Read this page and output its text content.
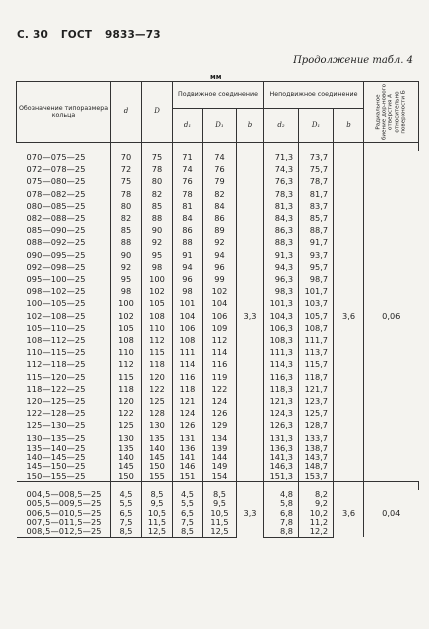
С. 30 ГОСТ 9833—73
Продолжение табл. 4
мм
Обозначение типоразмера кольца	d	D	Подвижное соединение			Неподвижное соединение			Радиальное биение дор-нового отверстия А относительно поверхности Б

			d₁	D₁	b	d₂	D₁	b	

070—075—25	70	75	71	74	3,3	71,3	73,7	3,6	0,06
072—078—25	72	78	74	76		74,3	75,7		
075—080—25	75	80	76	79		76,3	78,7		
078—082—25	78	82	78	82		78,3	81,7		
080—085—25	80	85	81	84		81,3	83,7		
082—088—25	82	88	84	86		84,3	85,7		
085—090—25	85	90	86	89		86,3	88,7		
088—092—25	88	92	88	92		88,3	91,7		
090—095—25	90	95	91	94		91,3	93,7		
092—098—25	92	98	94	96		94,3	95,7		
095—100—25	95	100	96	99		96,3	98,7		
098—102—25	98	102	98	102		98,3	101,7		
100—105—25	100	105	101	104		101,3	103,7		
102—108—25	102	108	104	106		104,3	105,7		
105—110—25	105	110	106	109		106,3	108,7		
108—112—25	108	112	108	112		108,3	111,7		
110—115—25	110	115	111	114		111,3	113,7		
112—118—25	112	118	114	116		114,3	115,7		
115—120—25	115	120	116	119		116,3	118,7		
118—122—25	118	122	118	122		118,3	121,7		
120—125—25	120	125	121	124		121,3	123,7		
122—128—25	122	128	124	126		124,3	125,7		
125—130—25	125	130	126	129		126,3	128,7		
130—135—25	130	135	131	134		131,3	133,7		
135—140—25	135	140	136	139		136,3	138,7		
140—145—25	140	145	141	144		141,3	143,7		
145—150—25	145	150	146	149		146,3	148,7		
150—155—25	150	155	151	154		151,3	153,7		

004,5—008,5—25	4,5	8,5	4,5	8,5	3,3	4,8	8,2	3,6	0,04
005,5—009,5—25	5,5	9,5	5,5	9,5		5,8	9,2		
006,5—010,5—25	6,5	10,5	6,5	10,5		6,8	10,2		
007,5—011,5—25	7,5	11,5	7,5	11,5		7,8	11,2		
008,5—012,5—25	8,5	12,5	8,5	12,5		8,8	12,2		
